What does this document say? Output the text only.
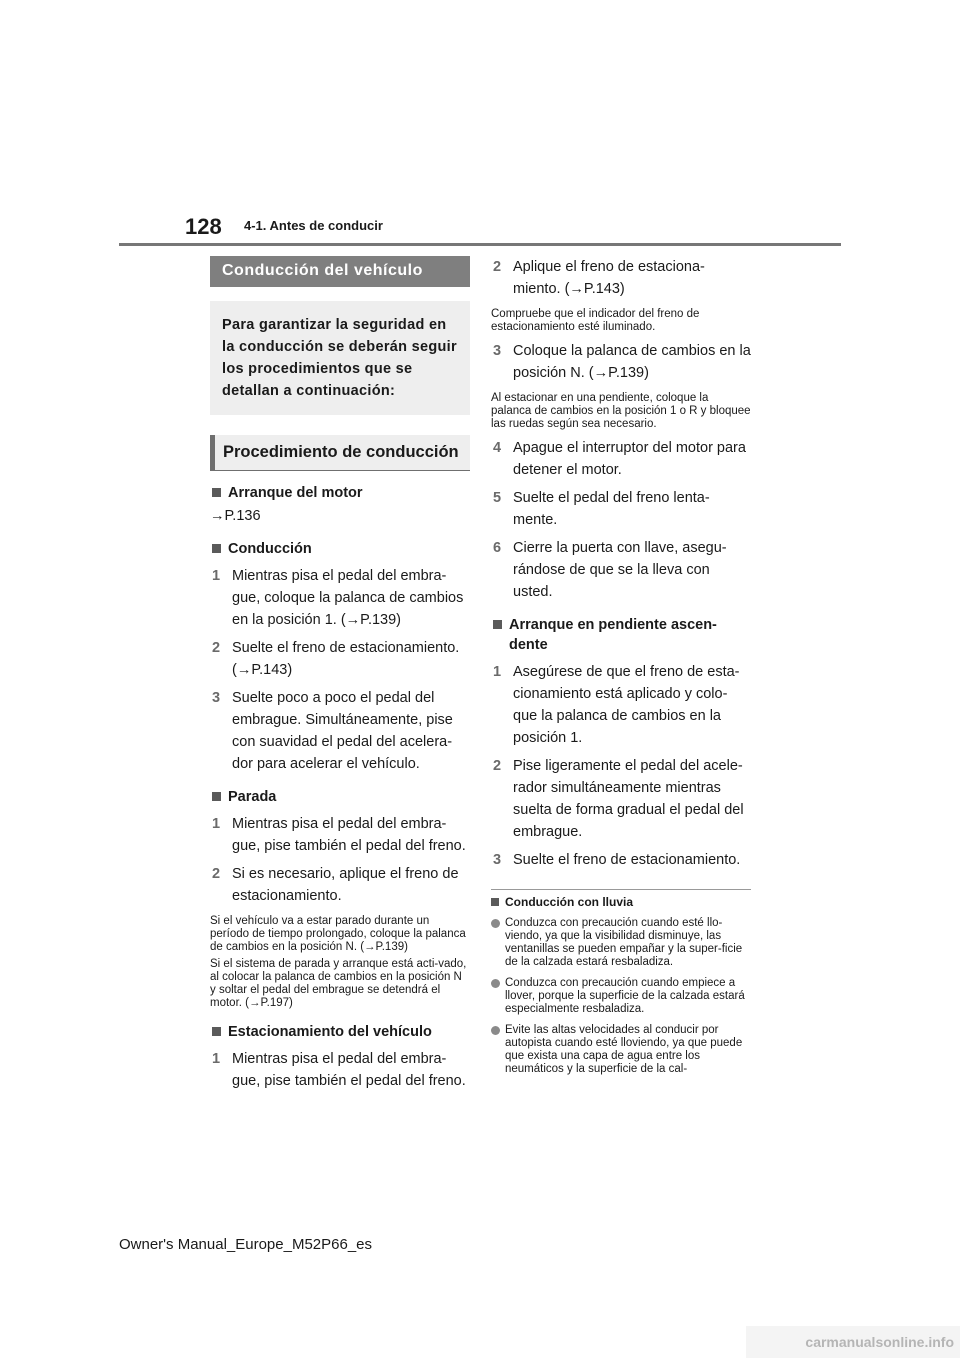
128 4-1. Antes de conducir
Conducción del vehículo
Para garantizar la seguridad en la conducción se deberán seguir los procedimientos que se detallan a continuación:
Procedimiento de conducción
Arranque del motor
→P.136
Conducción
1 Mientras pisa el pedal del embra-gue, coloque la palanca de cambios en la posición 1. (→P.139)
2 Suelte el freno de estacionamiento. (→P.143)
3 Suelte poco a poco el pedal del embrague. Simultáneamente, pise con suavidad el pedal del acelera-dor para acelerar el vehículo.
Parada
1 Mientras pisa el pedal del embra-gue, pise también el pedal del freno.
2 Si es necesario, aplique el freno de estacionamiento.
Si el vehículo va a estar parado durante un período de tiempo prolongado, coloque la palanca de cambios en la posición N. (→P.139)
Si el sistema de parada y arranque está acti-vado, al colocar la palanca de cambios en la posición N y soltar el pedal del embrague se detendrá el motor. (→P.197)
Estacionamiento del vehículo
1 Mientras pisa el pedal del embra-gue, pise también el pedal del freno.
2 Aplique el freno de estaciona-miento. (→P.143)
Compruebe que el indicador del freno de estacionamiento esté iluminado.
3 Coloque la palanca de cambios en la posición N. (→P.139)
Al estacionar en una pendiente, coloque la palanca de cambios en la posición 1 o R y bloquee las ruedas según sea necesario.
4 Apague el interruptor del motor para detener el motor.
5 Suelte el pedal del freno lenta-mente.
6 Cierre la puerta con llave, asegu-rándose de que se la lleva con usted.
Arranque en pendiente ascen-dente
1 Asegúrese de que el freno de esta-cionamiento está aplicado y colo-que la palanca de cambios en la posición 1.
2 Pise ligeramente el pedal del acele-rador simultáneamente mientras suelta de forma gradual el pedal del embrague.
3 Suelte el freno de estacionamiento.
Conducción con lluvia
Conduzca con precaución cuando esté llo-viendo, ya que la visibilidad disminuye, las ventanillas se pueden empañar y la super-ficie de la calzada estará resbaladiza.
Conduzca con precaución cuando empiece a llover, porque la superficie de la calzada estará especialmente resbaladiza.
Evite las altas velocidades al conducir por autopista cuando esté lloviendo, ya que puede que exista una capa de agua entre los neumáticos y la superficie de la cal-
Owner's Manual_Europe_M52P66_es
carmanualsonline.info
